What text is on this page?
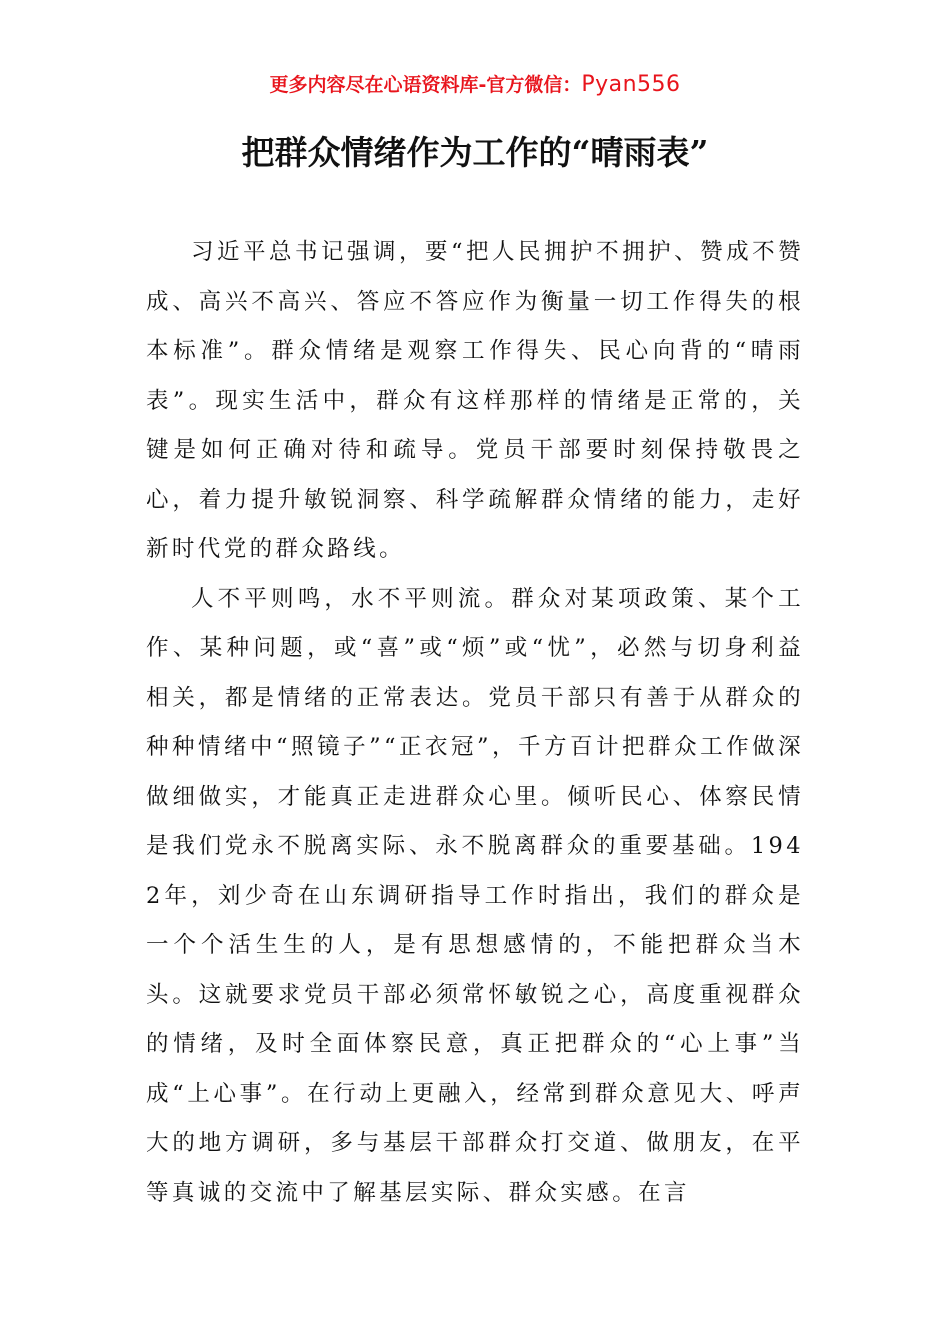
更多内容尽在心语资料库-官方微信：Pyan556
把群众情绪作为工作的“晴雨表”

习近平总书记强调，要“把人民拥护不拥护、赞成不赞成、高兴不高兴、答应不答应作为衡量一切工作得失的根本标准”。群众情绪是观察工作得失、民心向背的“晴雨表”。现实生活中，群众有这样那样的情绪是正常的，关键是如何正确对待和疏导。党员干部要时刻保持敬畏之心，着力提升敏锐洞察、科学疏解群众情绪的能力，走好新时代党的群众路线。

人不平则鸣，水不平则流。群众对某项政策、某个工作、某种问题，或“喜”或“烦”或“忧”，必然与切身利益相关，都是情绪的正常表达。党员干部只有善于从群众的种种情绪中“照镜子”“正衣冠”，千方百计把群众工作做深做细做实，才能真正走进群众心里。倾听民心、体察民情是我们党永不脱离实际、永不脱离群众的重要基础。1942年，刘少奇在山东调研指导工作时指出，我们的群众是一个个活生生的人，是有思想感情的，不能把群众当木头。这就要求党员干部必须常怀敏锐之心，高度重视群众的情绪，及时全面体察民意，真正把群众的“心上事”当成“上心事”。在行动上更融入，经常到群众意见大、呼声大的地方调研，多与基层干部群众打交道、做朋友，在平等真诚的交流中了解基层实际、群众实感。在言
